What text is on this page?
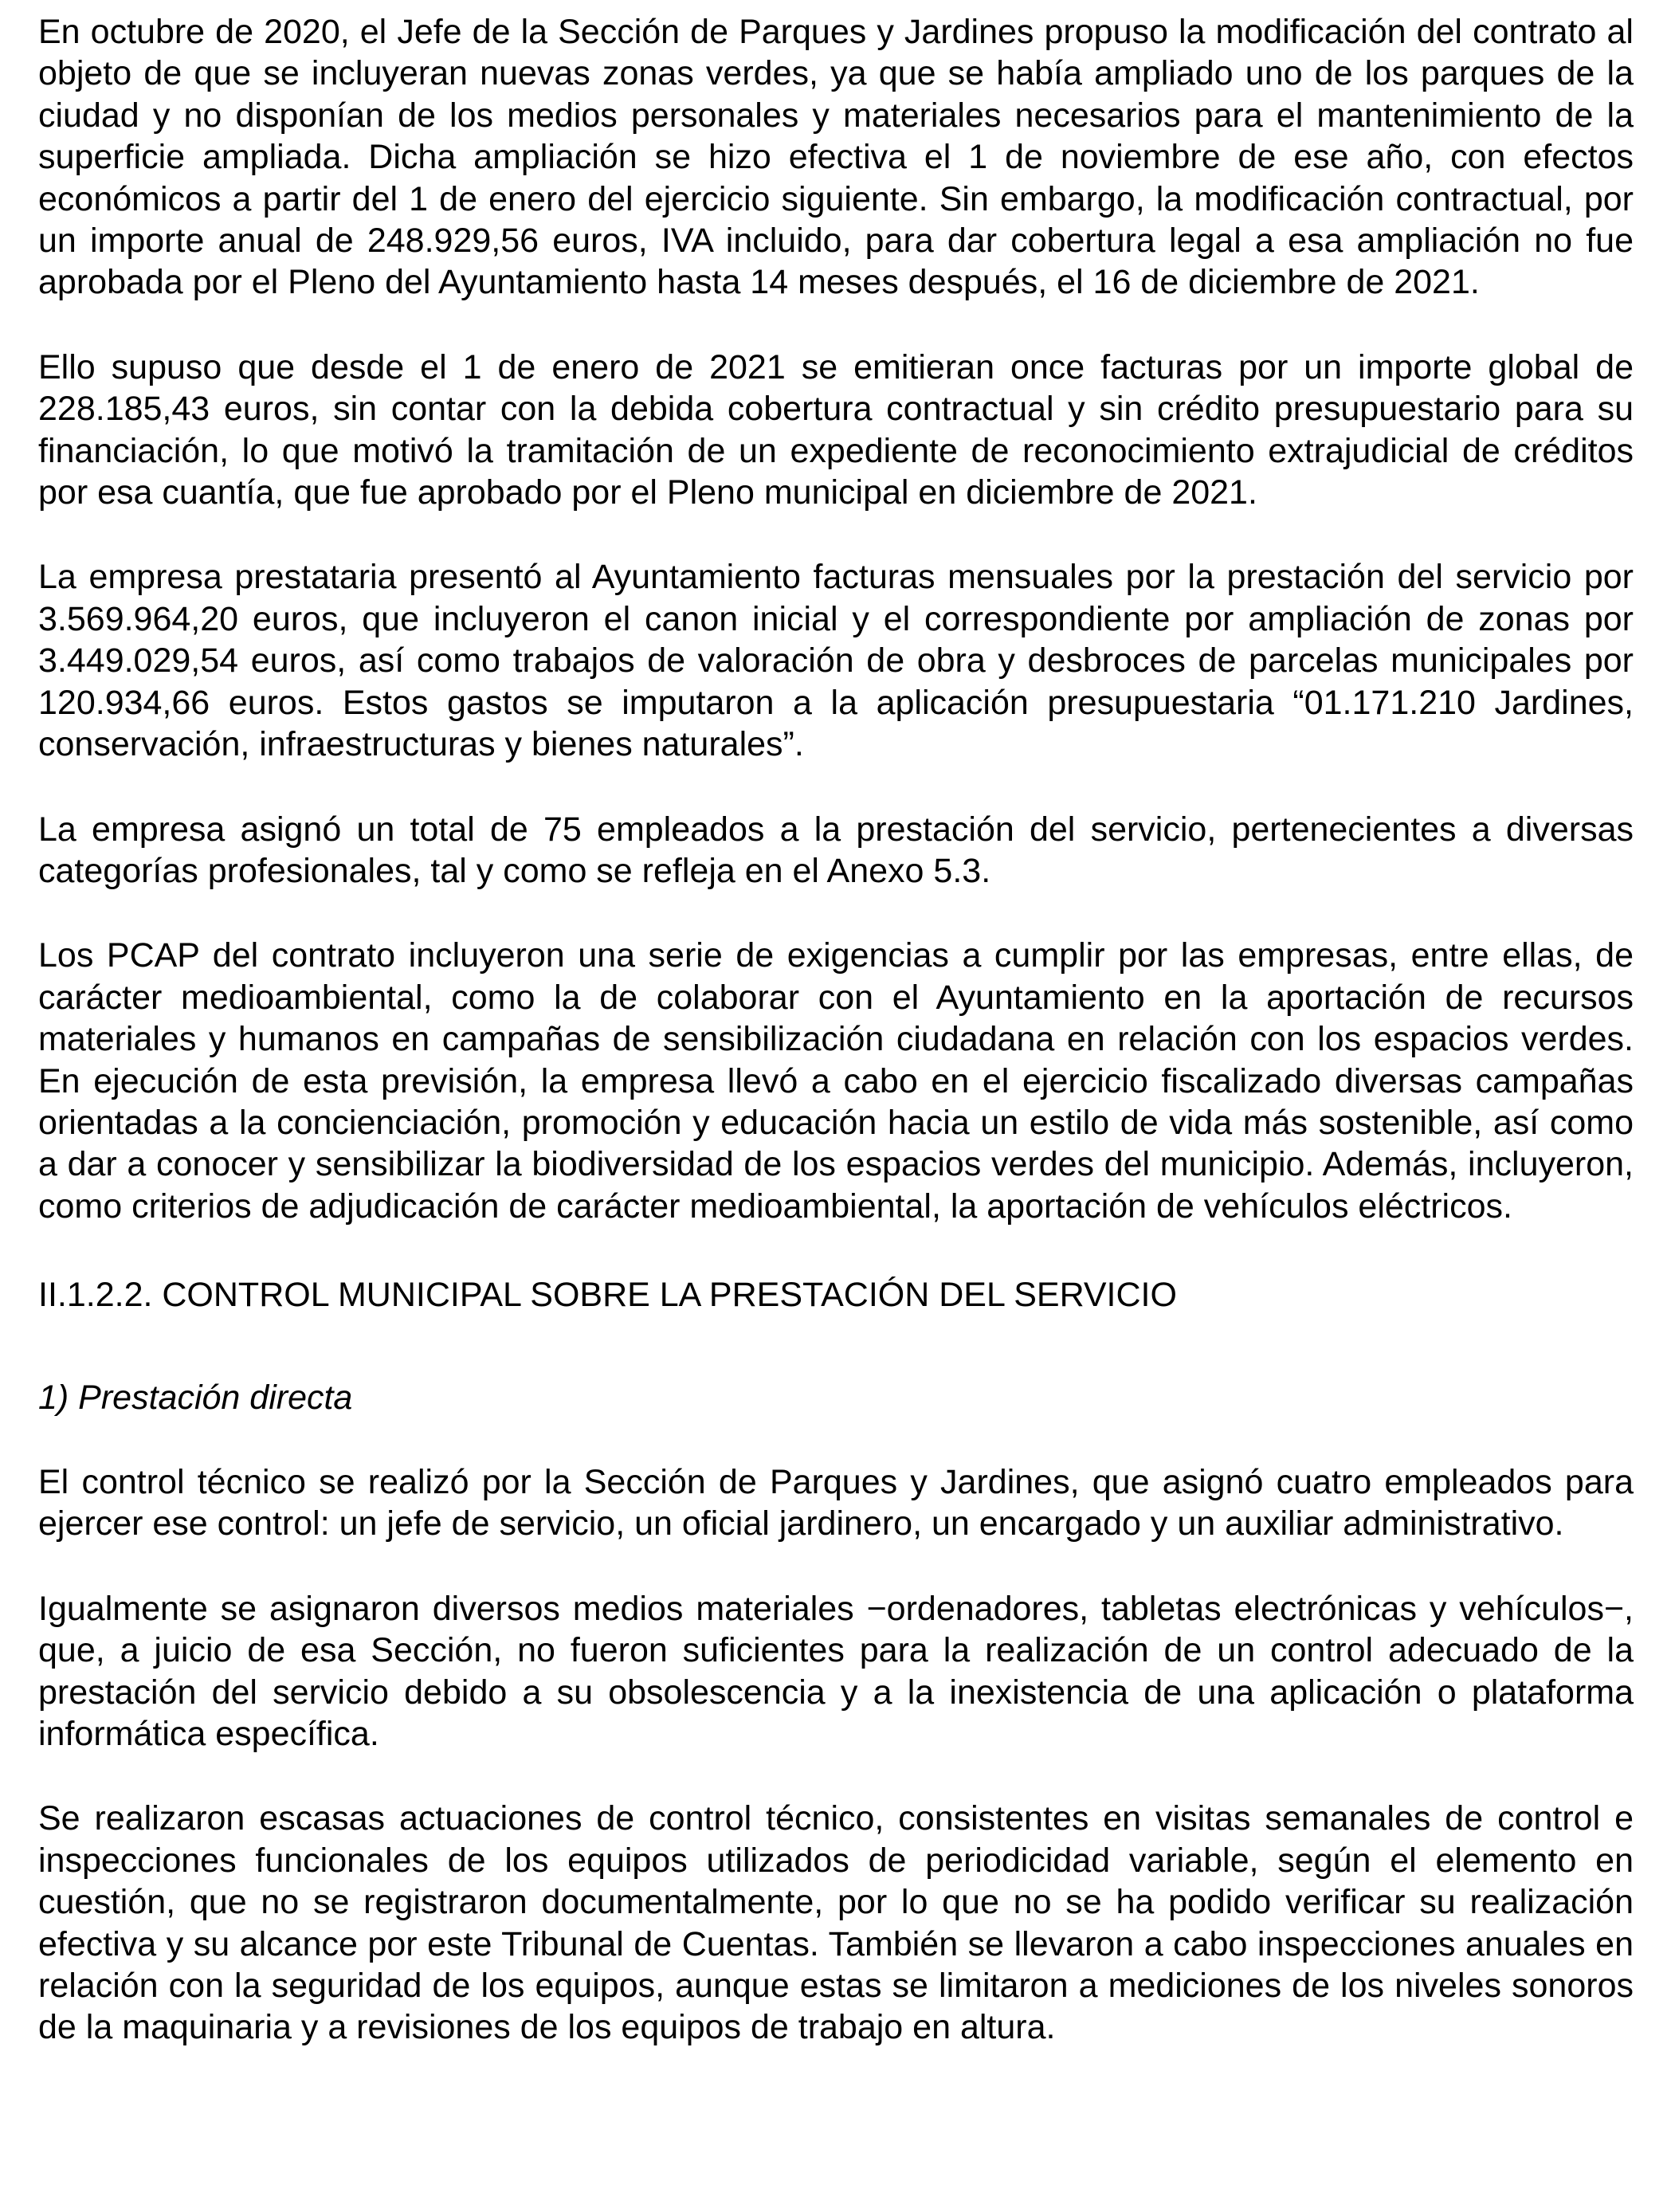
En octubre de 2020, el Jefe de la Sección de Parques y Jardines propuso la modificación del contrato al objeto de que se incluyeran nuevas zonas verdes, ya que se había ampliado uno de los parques de la ciudad y no disponían de los medios personales y materiales necesarios para el mantenimiento de la superficie ampliada. Dicha ampliación se hizo efectiva el 1 de noviembre de ese año, con efectos económicos a partir del 1 de enero del ejercicio siguiente. Sin embargo, la modificación contractual, por un importe anual de 248.929,56 euros, IVA incluido, para dar cobertura legal a esa ampliación no fue aprobada por el Pleno del Ayuntamiento hasta 14 meses después, el 16 de diciembre de 2021.

Ello supuso que desde el 1 de enero de 2021 se emitieran once facturas por un importe global de 228.185,43 euros, sin contar con la debida cobertura contractual y sin crédito presupuestario para su financiación, lo que motivó la tramitación de un expediente de reconocimiento extrajudicial de créditos por esa cuantía, que fue aprobado por el Pleno municipal en diciembre de 2021.

La empresa prestataria presentó al Ayuntamiento facturas mensuales por la prestación del servicio por 3.569.964,20 euros, que incluyeron el canon inicial y el correspondiente por ampliación de zonas por 3.449.029,54 euros, así como trabajos de valoración de obra y desbroces de parcelas municipales por 120.934,66 euros. Estos gastos se imputaron a la aplicación presupuestaria “01.171.210 Jardines, conservación, infraestructuras y bienes naturales”.

La empresa asignó un total de 75 empleados a la prestación del servicio, pertenecientes a diversas categorías profesionales, tal y como se refleja en el Anexo 5.3.

Los PCAP del contrato incluyeron una serie de exigencias a cumplir por las empresas, entre ellas, de carácter medioambiental, como la de colaborar con el Ayuntamiento en la aportación de recursos materiales y humanos en campañas de sensibilización ciudadana en relación con los espacios verdes. En ejecución de esta previsión, la empresa llevó a cabo en el ejercicio fiscalizado diversas campañas orientadas a la concienciación, promoción y educación hacia un estilo de vida más sostenible, así como a dar a conocer y sensibilizar la biodiversidad de los espacios verdes del municipio. Además, incluyeron, como criterios de adjudicación de carácter medioambiental, la aportación de vehículos eléctricos.

II.1.2.2. CONTROL MUNICIPAL SOBRE LA PRESTACIÓN DEL SERVICIO
1) Prestación directa

El control técnico se realizó por la Sección de Parques y Jardines, que asignó cuatro empleados para ejercer ese control: un jefe de servicio, un oficial jardinero, un encargado y un auxiliar administrativo.

Igualmente se asignaron diversos medios materiales −ordenadores, tabletas electrónicas y vehículos−, que, a juicio de esa Sección, no fueron suficientes para la realización de un control adecuado de la prestación del servicio debido a su obsolescencia y a la inexistencia de una aplicación o plataforma informática específica.

Se realizaron escasas actuaciones de control técnico, consistentes en visitas semanales de control e inspecciones funcionales de los equipos utilizados de periodicidad variable, según el elemento en cuestión, que no se registraron documentalmente, por lo que no se ha podido verificar su realización efectiva y su alcance por este Tribunal de Cuentas. También se llevaron a cabo inspecciones anuales en relación con la seguridad de los equipos, aunque estas se limitaron a mediciones de los niveles sonoros de la maquinaria y a revisiones de los equipos de trabajo en altura.
